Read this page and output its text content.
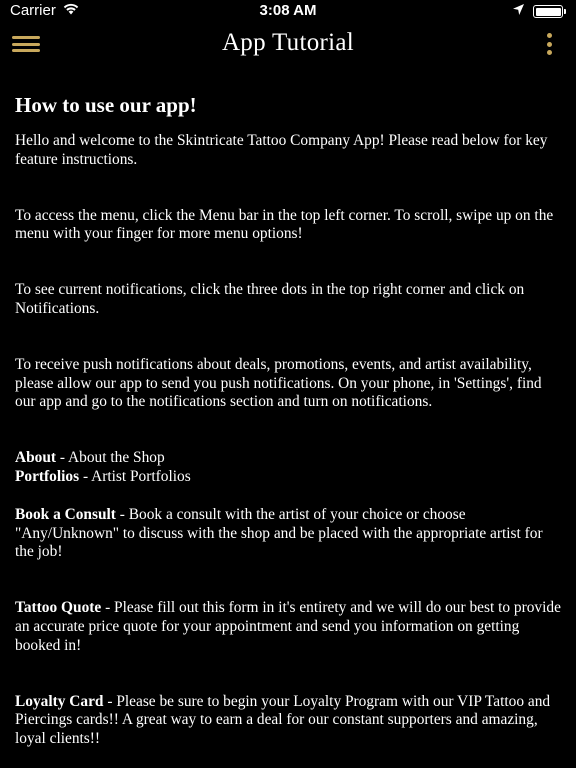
Carrier	3:08 AM
App Tutorial
How to use our app!

Hello and welcome to the Skintricate Tattoo Company App! Please read below for key feature instructions.

To access the menu, click the Menu bar in the top left corner. To scroll, swipe up on the menu with your finger for more menu options!

To see current notifications, click the three dots in the top right corner and click on Notifications.

To receive push notifications about deals, promotions, events, and artist availability, please allow our app to send you push notifications. On your phone, in 'Settings', find our app and go to the notifications section and turn on notifications.

About - About the Shop

Portfolios - Artist Portfolios

Book a Consult - Book a consult with the artist of your choice or choose "Any/Unknown" to discuss with the shop and be placed with the appropriate artist for the job!

Tattoo Quote - Please fill out this form in it's entirety and we will do our best to provide an accurate price quote for your appointment and send you information on getting booked in!

Loyalty Card - Please be sure to begin your Loyalty Program with our VIP Tattoo and Piercings cards!! A great way to earn a deal for our constant supporters and amazing, loyal clients!!
